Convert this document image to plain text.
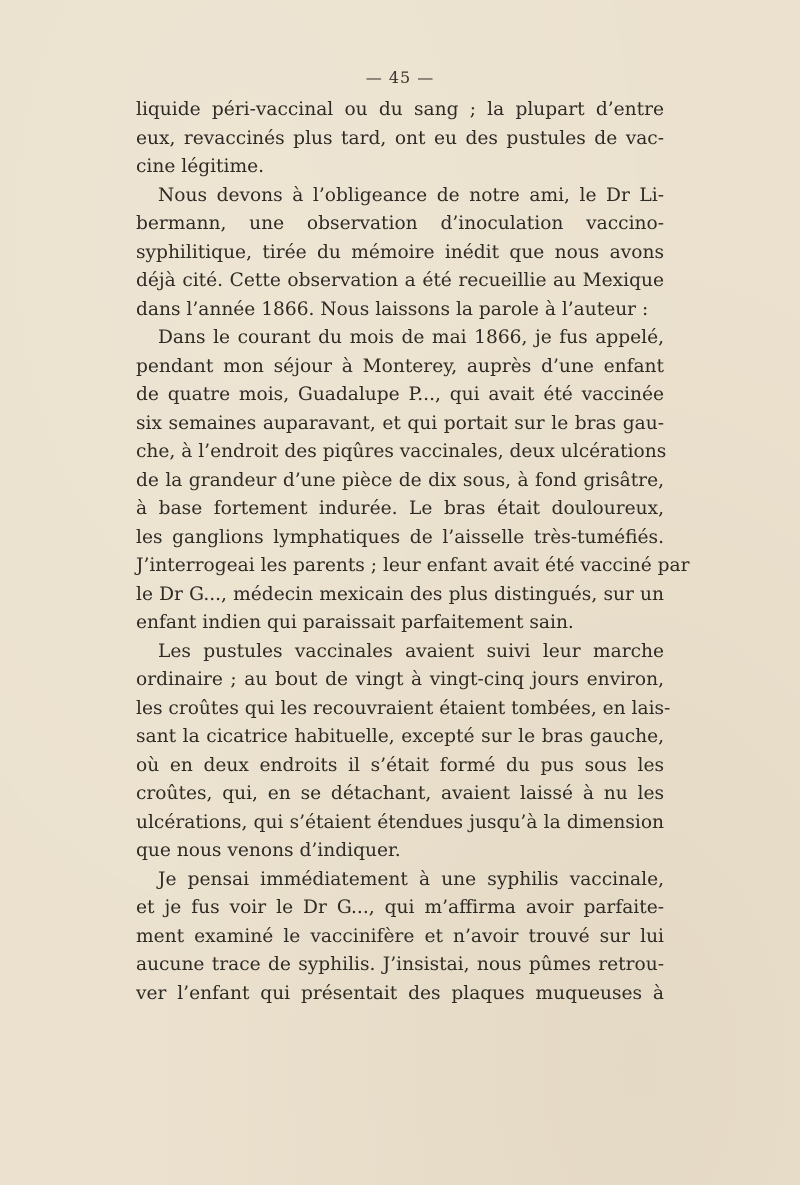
— 45 —
liquide péri-vaccinal ou du sang ; la plupart d’entre
eux, revaccinés plus tard, ont eu des pustules de vac-
cine légitime.
Nous devons à l’obligeance de notre ami, le Dr Li-
bermann, une observation d’inoculation vaccino-
syphilitique, tirée du mémoire inédit que nous avons
déjà cité. Cette observation a été recueillie au Mexique
dans l’année 1866. Nous laissons la parole à l’auteur :
Dans le courant du mois de mai 1866, je fus appelé,
pendant mon séjour à Monterey, auprès d’une enfant
de quatre mois, Guadalupe P..., qui avait été vaccinée
six semaines auparavant, et qui portait sur le bras gau-
che, à l’endroit des piqûres vaccinales, deux ulcérations
de la grandeur d’une pièce de dix sous, à fond grisâtre,
à base fortement indurée. Le bras était douloureux,
les ganglions lymphatiques de l’aisselle très-tuméfiés.
J’interrogeai les parents ; leur enfant avait été vacciné par
le Dr G..., médecin mexicain des plus distingués, sur un
enfant indien qui paraissait parfaitement sain.
Les pustules vaccinales avaient suivi leur marche
ordinaire ; au bout de vingt à vingt-cinq jours environ,
les croûtes qui les recouvraient étaient tombées, en lais-
sant la cicatrice habituelle, excepté sur le bras gauche,
où en deux endroits il s’était formé du pus sous les
croûtes, qui, en se détachant, avaient laissé à nu les
ulcérations, qui s’étaient étendues jusqu’à la dimension
que nous venons d’indiquer.
Je pensai immédiatement à une syphilis vaccinale,
et je fus voir le Dr G..., qui m’affirma avoir parfaite-
ment examiné le vaccinifère et n’avoir trouvé sur lui
aucune trace de syphilis. J’insistai, nous pûmes retrou-
ver l’enfant qui présentait des plaques muqueuses à
